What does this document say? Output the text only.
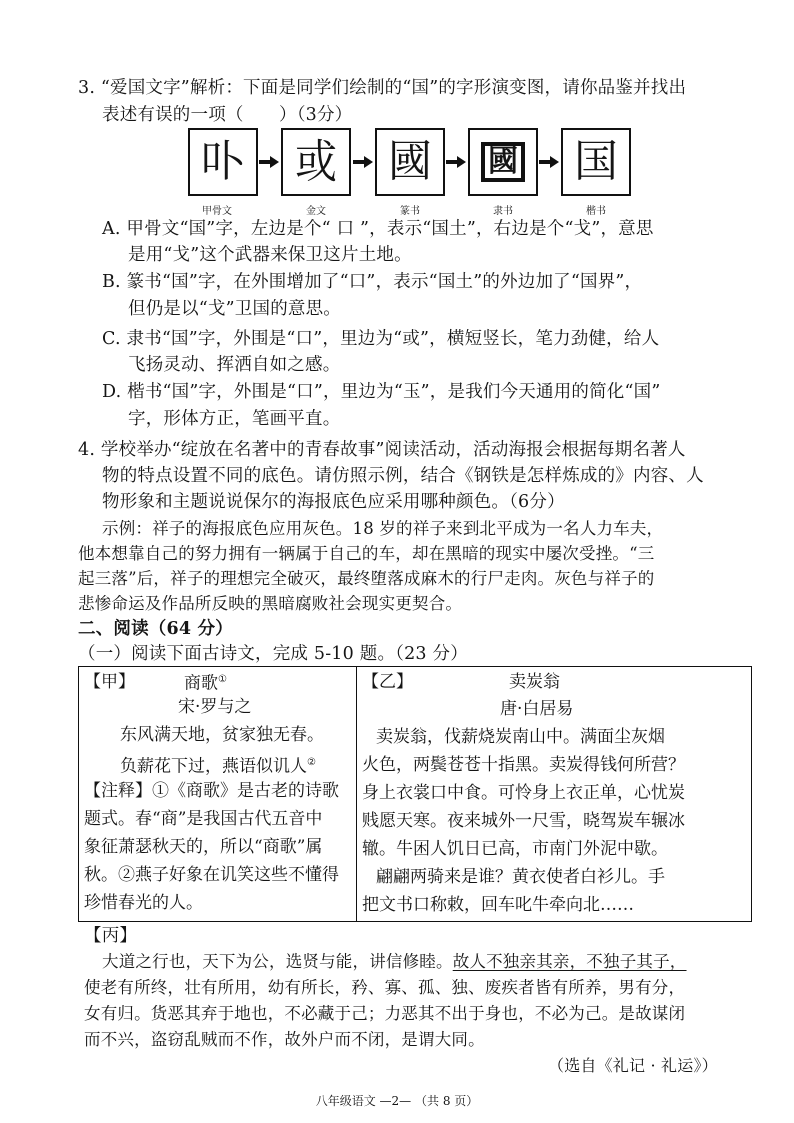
3. “爱国文字”解析：下面是同学们绘制的“国”的字形演变图，请你品鉴并找出
表述有误的一项（　　）（3分）
卟 或 國 國 国
甲骨文	金文	篆书	隶书	楷书
A. 甲骨文“国”字，左边是个“ 口 ”，表示“国土”，右边是个“戈”，意思
是用“戈”这个武器来保卫这片土地。
B. 篆书“国”字，在外围增加了“口”，表示“国土”的外边加了“国界”，
但仍是以“戈”卫国的意思。
C. 隶书“国”字，外围是“口”，里边为“或”，横短竖长，笔力劲健，给人
飞扬灵动、挥洒自如之感。
D. 楷书“国”字，外围是“口”，里边为“玉”，是我们今天通用的简化“国”
字，形体方正，笔画平直。
4. 学校举办“绽放在名著中的青春故事”阅读活动，活动海报会根据每期名著人
物的特点设置不同的底色。请仿照示例，结合《钢铁是怎样炼成的》内容、人
物形象和主题说说保尔的海报底色应采用哪种颜色。（6分）
示例：祥子的海报底色应用灰色。18 岁的祥子来到北平成为一名人力车夫，
他本想靠自己的努力拥有一辆属于自己的车，却在黑暗的现实中屡次受挫。“三
起三落”后，祥子的理想完全破灭，最终堕落成麻木的行尸走肉。灰色与祥子的
悲惨命运及作品所反映的黑暗腐败社会现实更契合。
二、阅读（64 分）
（一）阅读下面古诗文，完成 5-10 题。（23 分）
【甲】	商歌①
宋·罗与之
东风满天地，贫家独无春。
负薪花下过，燕语似讥人②
【注释】①《商歌》是古老的诗歌
题式。春“商”是我国古代五音中
象征萧瑟秋天的，所以“商歌”属
秋。②燕子好象在讥笑这些不懂得
珍惜春光的人。
【乙】	卖炭翁
唐·白居易
卖炭翁，伐薪烧炭南山中。满面尘灰烟
火色，两鬓苍苍十指黑。卖炭得钱何所营？
身上衣裳口中食。可怜身上衣正单，心忧炭
贱愿天寒。夜来城外一尺雪，晓驾炭车辗冰
辙。牛困人饥日已高，市南门外泥中歇。
翩翩两骑来是谁？黄衣使者白衫儿。手
把文书口称敕，回车叱牛牵向北……
【丙】
大道之行也，天下为公，选贤与能，讲信修睦。故人不独亲其亲，不独子其子，
使老有所终，壮有所用，幼有所长，矜、寡、孤、独、废疾者皆有所养，男有分，
女有归。货恶其弃于地也，不必藏于己；力恶其不出于身也，不必为己。是故谋闭
而不兴，盗窃乱贼而不作，故外户而不闭，是谓大同。
（选自《礼记 · 礼运》）
八年级语文 —2— （共 8 页）
